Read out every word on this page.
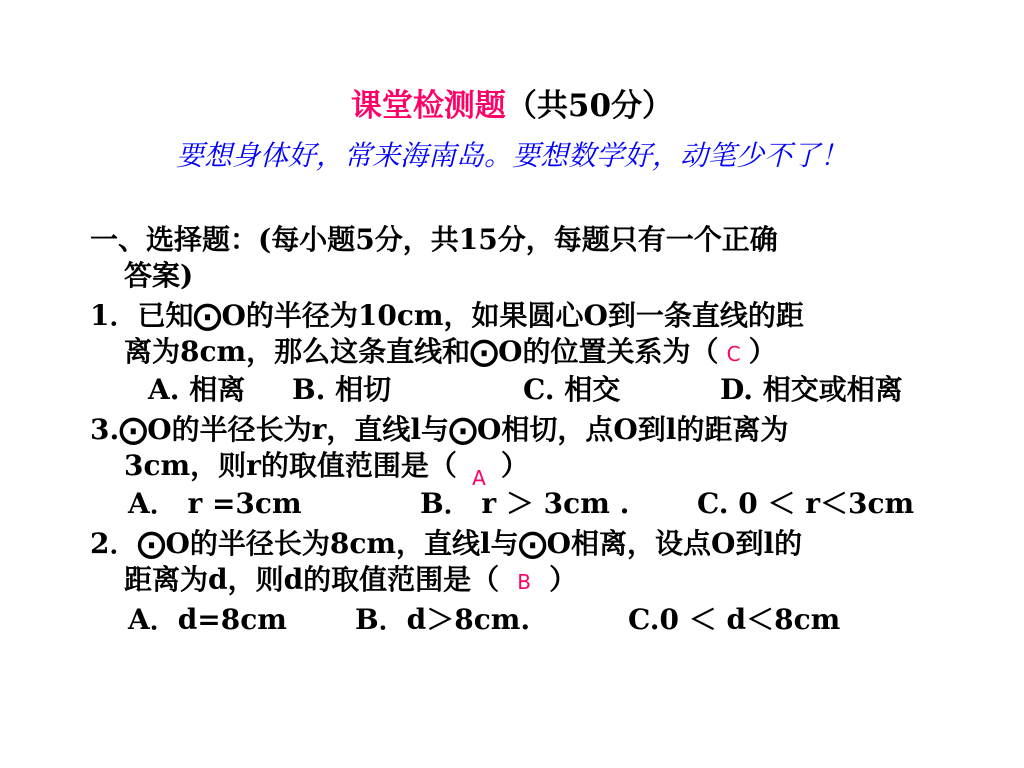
课堂检测题（共50分）
要想身体好，常来海南岛。要想数学好，动笔少不了！
一、选择题：(每小题5分，共15分，每题只有一个正确
答案)
1．已知⨀O的半径为10cm，如果圆心O到一条直线的距
离为8cm，那么这条直线和⨀O的位置关系为（ C ）
A. 相离 B. 相切	C. 相交	D. 相交或相离
3.⨀O的半径长为r，直线l与⨀O相切，点O到l的距离为
3cm，则r的取值范围是（ A ）
A． r =3cm	B． r ＞ 3cm . C. 0 ＜ r＜3cm
2．⨀O的半径长为8cm，直线l与⨀O相离，设点O到l的
距离为d，则d的取值范围是（ B ）
A．d=8cm B．d＞8cm.	C.0 ＜ d＜8cm
